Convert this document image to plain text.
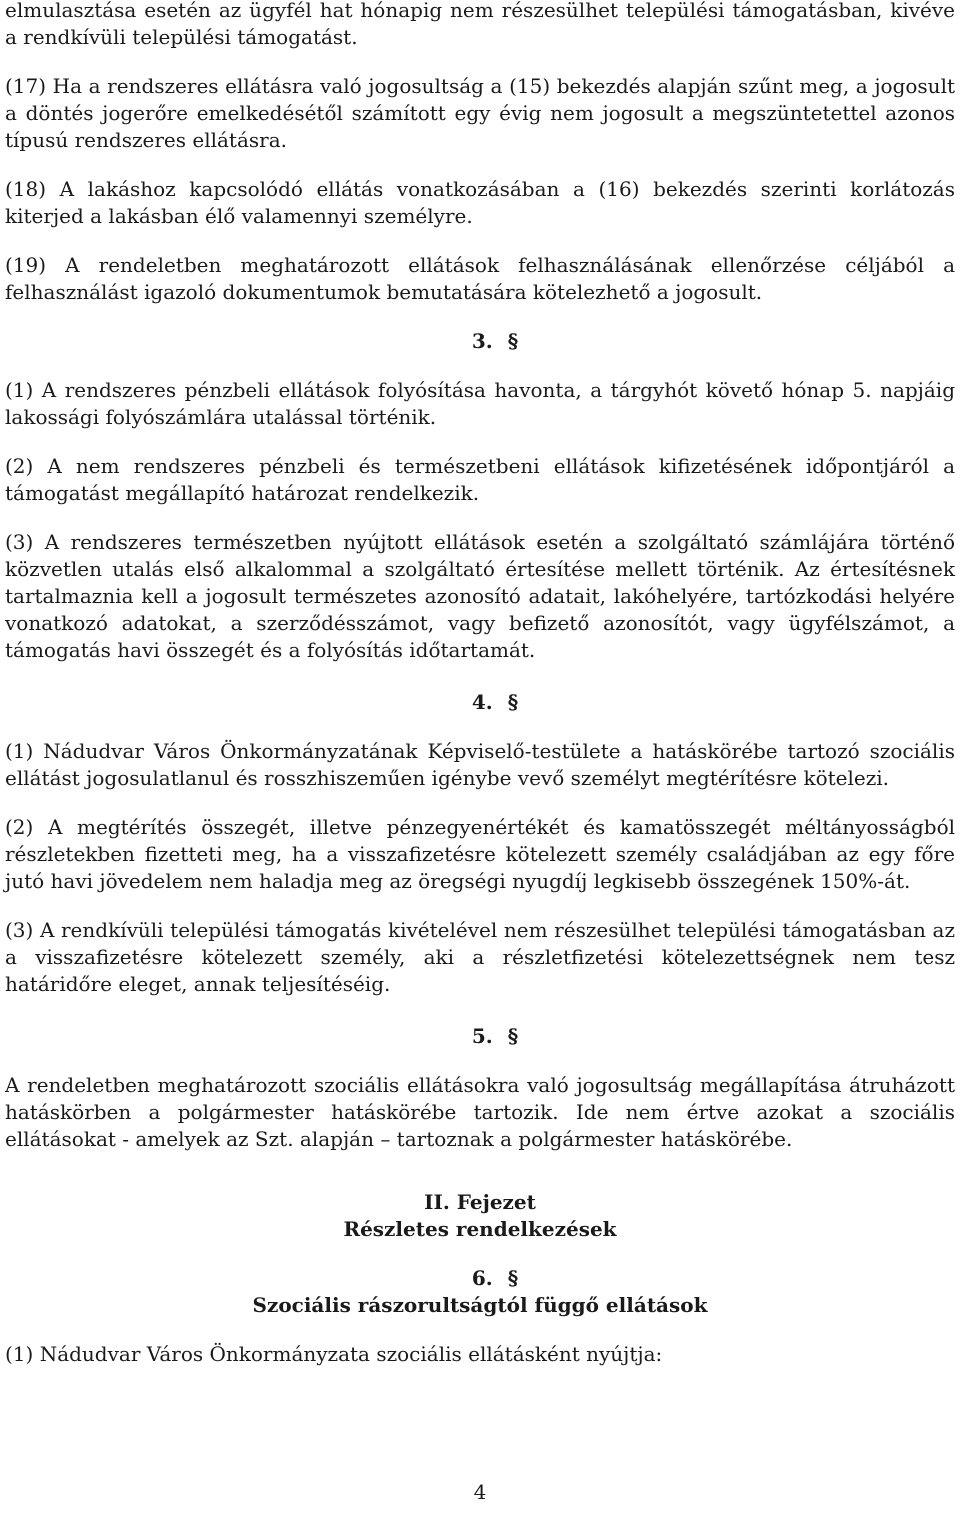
elmulasztása esetén az ügyfél hat hónapig nem részesülhet települési támogatásban, kivéve a rendkívüli települési támogatást.

(17) Ha a rendszeres ellátásra való jogosultság a (15) bekezdés alapján szűnt meg, a jogosult a döntés jogerőre emelkedésétől számított egy évig nem jogosult a megszüntetettel azonos típusú rendszeres ellátásra.

(18) A lakáshoz kapcsolódó ellátás vonatkozásában a (16) bekezdés szerinti korlátozás kiterjed a lakásban élő valamennyi személyre.

(19) A rendeletben meghatározott ellátások felhasználásának ellenőrzése céljából a felhasználást igazoló dokumentumok bemutatására kötelezhető a jogosult.

3. §

(1) A rendszeres pénzbeli ellátások folyósítása havonta, a tárgyhót követő hónap 5. napjáig lakossági folyószámlára utalással történik.

(2) A nem rendszeres pénzbeli és természetbeni ellátások kifizetésének időpontjáról a támogatást megállapító határozat rendelkezik.

(3) A rendszeres természetben nyújtott ellátások esetén a szolgáltató számlájára történő közvetlen utalás első alkalommal a szolgáltató értesítése mellett történik. Az értesítésnek tartalmaznia kell a jogosult természetes azonosító adatait, lakóhelyére, tartózkodási helyére vonatkozó adatokat, a szerződésszámot, vagy befizető azonosítót, vagy ügyfélszámot, a támogatás havi összegét és a folyósítás időtartamát.

4. §

(1) Nádudvar Város Önkormányzatának Képviselő-testülete a hatáskörébe tartozó szociális ellátást jogosulatlanul és rosszhiszeműen igénybe vevő személyt megtérítésre kötelezi.

(2) A megtérítés összegét, illetve pénzegyenértékét és kamatösszegét méltányosságból részletekben fizetteti meg, ha a visszafizetésre kötelezett személy családjában az egy főre jutó havi jövedelem nem haladja meg az öregségi nyugdíj legkisebb összegének 150%-át.

(3) A rendkívüli települési támogatás kivételével nem részesülhet települési támogatásban az a visszafizetésre kötelezett személy, aki a részletfizetési kötelezettségnek nem tesz határidőre eleget, annak teljesítéséig.

5. §

A rendeletben meghatározott szociális ellátásokra való jogosultság megállapítása átruházott hatáskörben a polgármester hatáskörébe tartozik. Ide nem értve azokat a szociális ellátásokat - amelyek az Szt. alapján – tartoznak a polgármester hatáskörébe.

II. Fejezet
Részletes rendelkezések
6. §
Szociális rászorultságtól függő ellátások

(1) Nádudvar Város Önkormányzata szociális ellátásként nyújtja:

4
